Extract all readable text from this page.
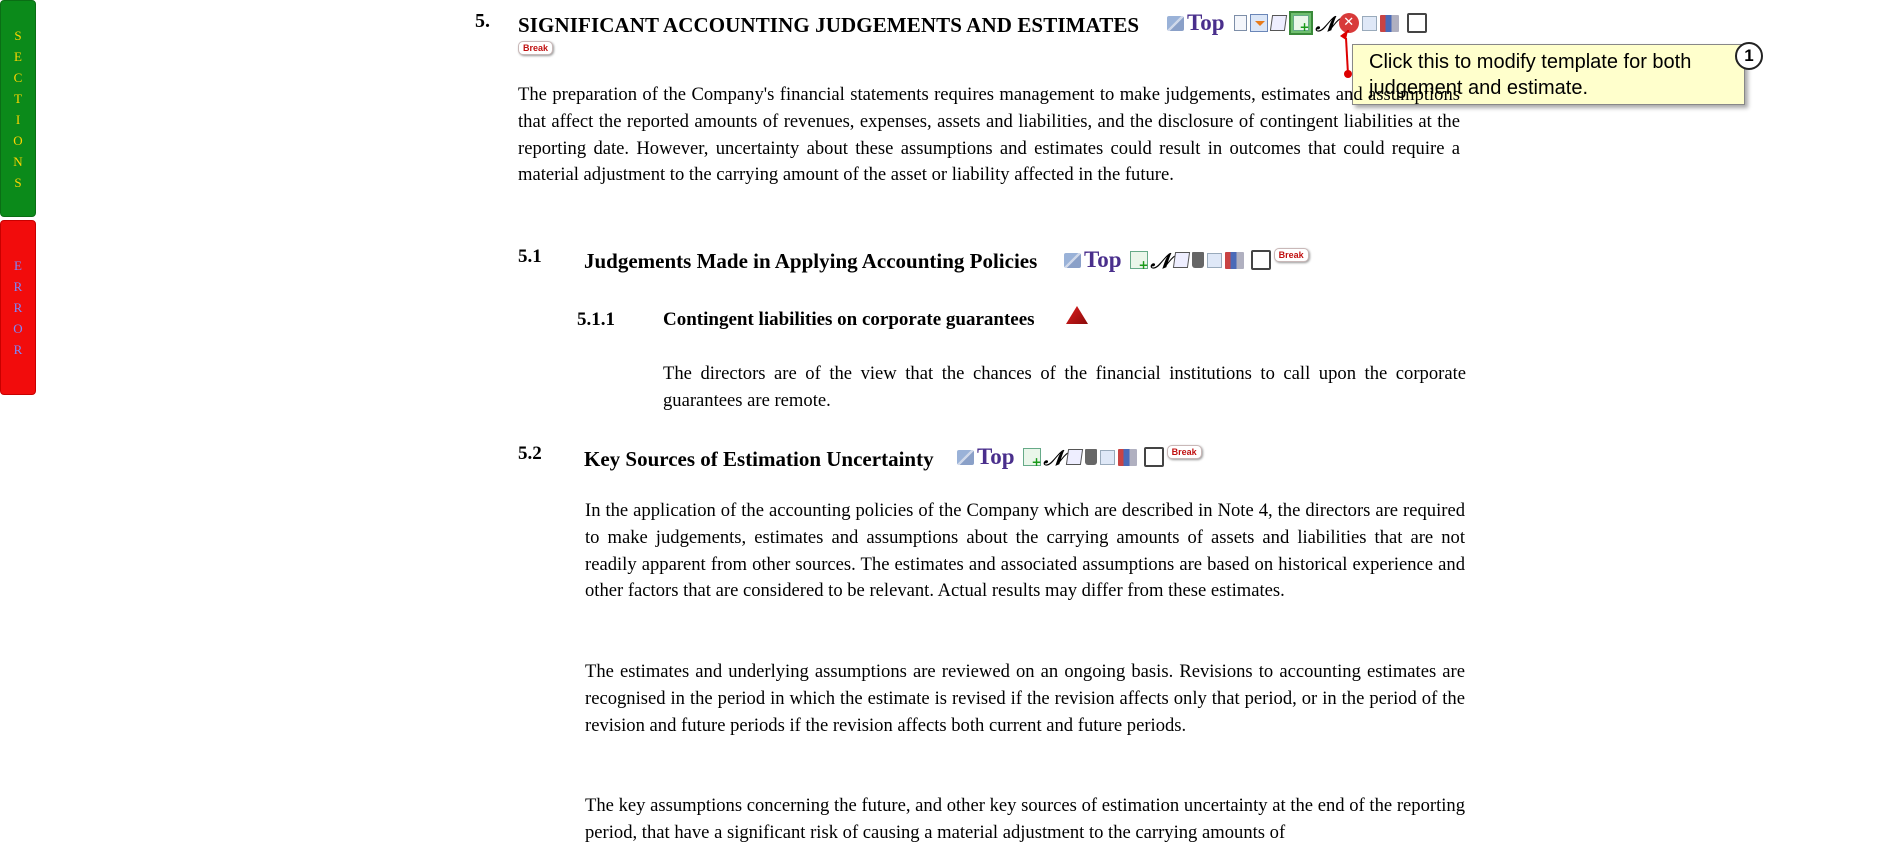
S
E
C
T
I
O
N
S
E
R
R
O
R
5. SIGNIFICANT ACCOUNTING JUDGEMENTS AND ESTIMATES Top +	𝒩 ✕
Break
Click this to modify template for both judgement and estimate.
1
The preparation of the Company's financial statements requires management to make judgements, estimates and assumptions that affect the reported amounts of revenues, expenses, assets and liabilities, and the disclosure of contingent liabilities at the reporting date. However, uncertainty about these assumptions and estimates could result in outcomes that could require a material adjustment to the carrying amount of the asset or liability affected in the future.
5.1 Judgements Made in Applying Accounting Policies Top + 𝒩	Break
5.1.1	Contingent liabilities on corporate guarantees
The directors are of the view that the chances of the financial institutions to call upon the corporate guarantees are remote.
5.2 Key Sources of Estimation Uncertainty Top + 𝒩	Break
In the application of the accounting policies of the Company which are described in Note 4, the directors are required to make judgements, estimates and assumptions about the carrying amounts of assets and liabilities that are not readily apparent from other sources. The estimates and associated assumptions are based on historical experience and other factors that are considered to be relevant. Actual results may differ from these estimates.
The estimates and underlying assumptions are reviewed on an ongoing basis. Revisions to accounting estimates are recognised in the period in which the estimate is revised if the revision affects only that period, or in the period of the revision and future periods if the revision affects both current and future periods.
The key assumptions concerning the future, and other key sources of estimation uncertainty at the end of the reporting period, that have a significant risk of causing a material adjustment to the carrying amounts of
